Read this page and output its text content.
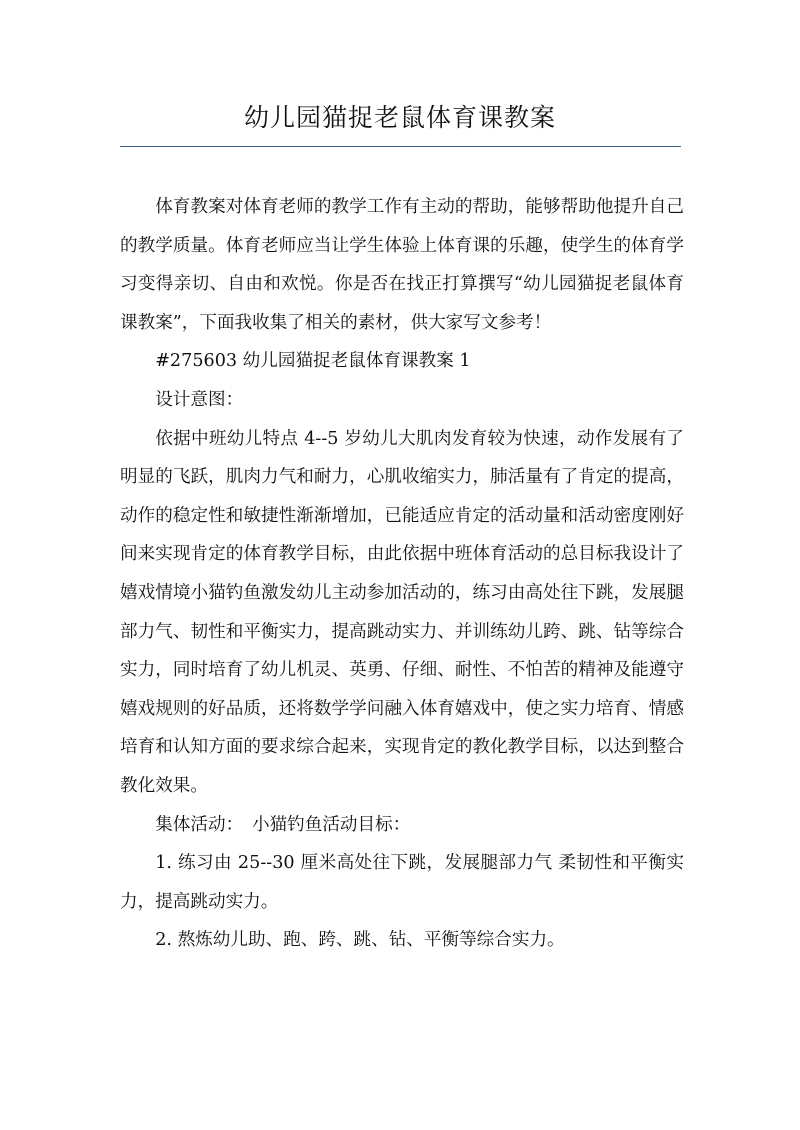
幼儿园猫捉老鼠体育课教案

体育教案对体育老师的教学工作有主动的帮助，能够帮助他提升自己的教学质量。体育老师应当让学生体验上体育课的乐趣，使学生的体育学习变得亲切、自由和欢悦。你是否在找正打算撰写“幼儿园猫捉老鼠体育课教案”，下面我收集了相关的素材，供大家写文参考！

#275603 幼儿园猫捉老鼠体育课教案 1

设计意图：

依据中班幼儿特点 4--5 岁幼儿大肌肉发育较为快速，动作发展有了明显的飞跃，肌肉力气和耐力，心肌收缩实力，肺活量有了肯定的提高，动作的稳定性和敏捷性渐渐增加，已能适应肯定的活动量和活动密度刚好间来实现肯定的体育教学目标，由此依据中班体育活动的总目标我设计了嬉戏情境小猫钓鱼激发幼儿主动参加活动的，练习由高处往下跳，发展腿部力气、韧性和平衡实力，提高跳动实力、并训练幼儿跨、跳、钻等综合实力，同时培育了幼儿机灵、英勇、仔细、耐性、不怕苦的精神及能遵守嬉戏规则的好品质，还将数学学问融入体育嬉戏中，使之实力培育、情感培育和认知方面的要求综合起来，实现肯定的教化教学目标，以达到整合教化效果。

集体活动：　小猫钓鱼活动目标：

1. 练习由 25--30 厘米高处往下跳，发展腿部力气 柔韧性和平衡实力，提高跳动实力。

2. 熬炼幼儿助、跑、跨、跳、钻、平衡等综合实力。
